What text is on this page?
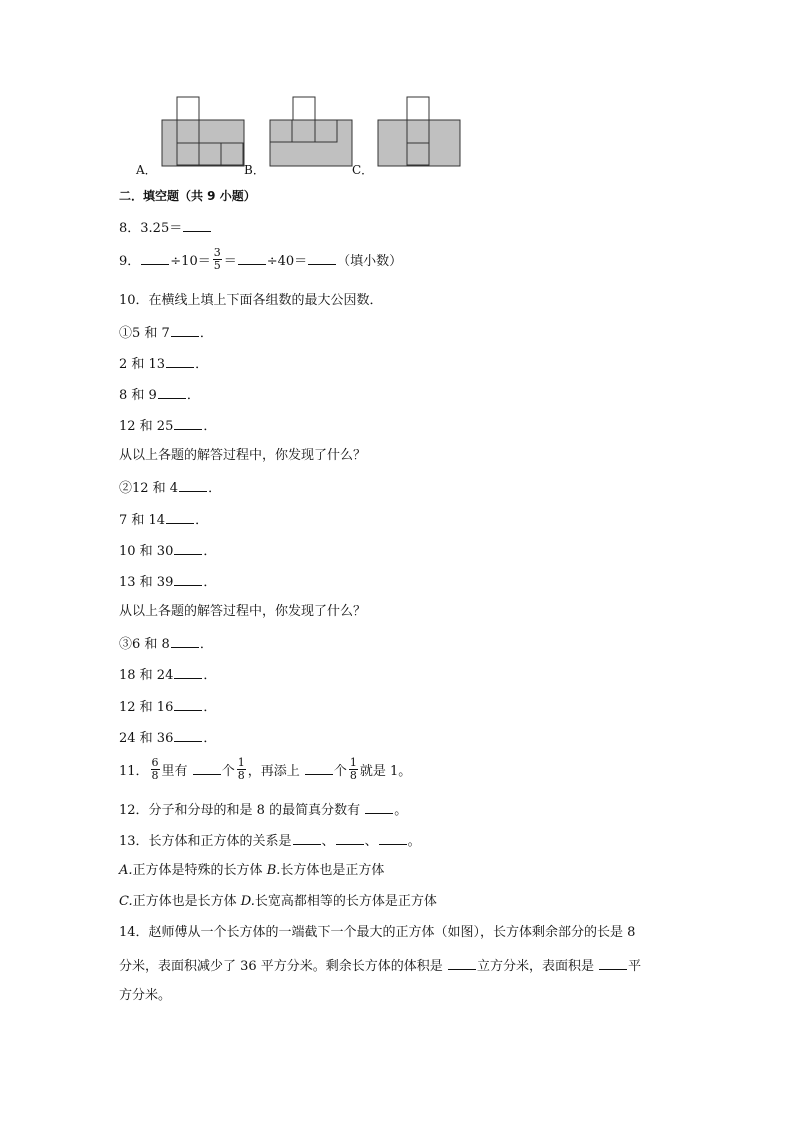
A．	B．	C．
二．填空题（共 9 小题）
8．3.25＝
9． $\div 10= \frac{3}{5} = \div 40=$ （填小数）
10．在横线上填上下面各组数的最大公因数．
①5 和 7 ．
2 和 13 ．
8 和 9 ．
12 和 25 ．
从以上各题的解答过程中，你发现了什么？
②12 和 4 ．
7 和 14 ．
10 和 30 ．
13 和 39 ．
从以上各题的解答过程中，你发现了什么？
③6 和 8 ．
18 和 24 ．
12 和 16 ．
24 和 36 ．
11． $\frac{6}{8}$ 里有 个 $\frac{1}{8}$ ，再添上 个 $\frac{1}{8}$ 就是 1。
12．分子和分母的和是 8 的最简真分数有 。
13．长方体和正方体的关系是 、 、 。
A.正方体是特殊的长方体 B.长方体也是正方体
C.正方体也是长方体 D.长宽高都相等的长方体是正方体
14．赵师傅从一个长方体的一端截下一个最大的正方体（如图），长方体剩余部分的长是 8
分米，表面积减少了 36 平方分米。剩余长方体的体积是 立方分米，表面积是 平
方分米。
